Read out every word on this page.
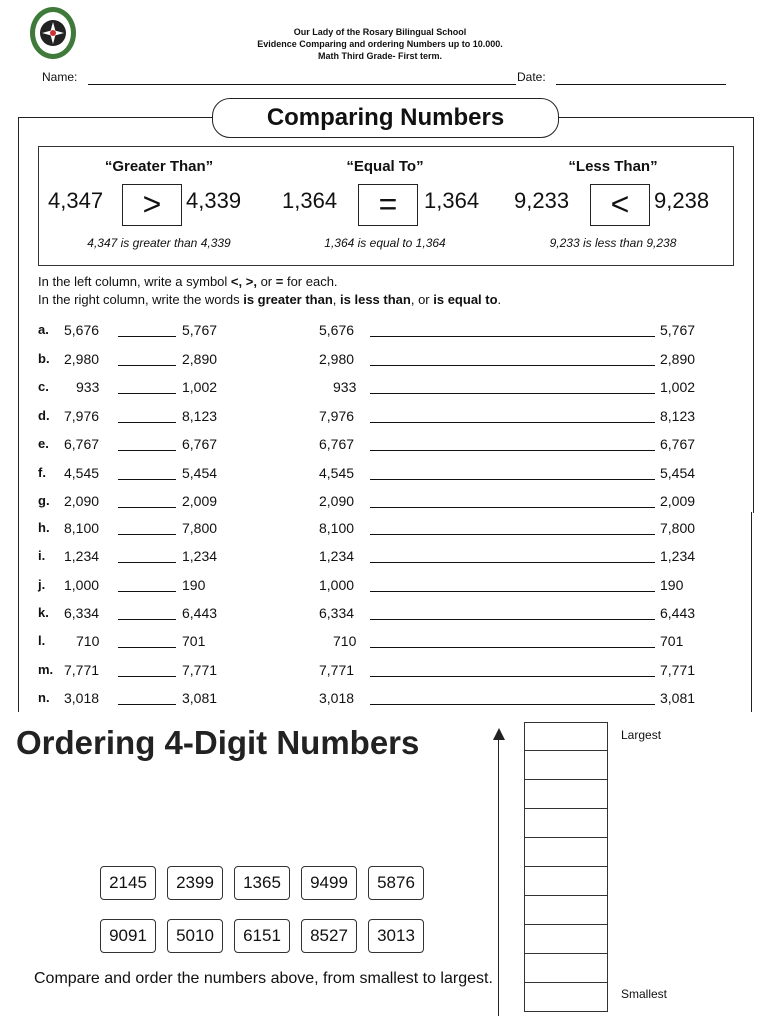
Our Lady of the Rosary Bilingual School
Evidence Comparing and ordering Numbers up to 10.000.
Math Third Grade- First term.
Name:	Date:
Comparing Numbers
“Greater Than”
4,347	>	4,339
4,347 is greater than 4,339
“Equal To”
1,364	=	1,364
1,364 is equal to 1,364
“Less Than”
9,233	<	9,238
9,233 is less than 9,238
In the left column, write a symbol <, >, or = for each.
In the right column, write the words is greater than, is less than, or is equal to.
a. 5,676	5,767	5,676	5,767
b. 2,980	2,890	2,980	2,890
c. 933	1,002	933	1,002
d. 7,976	8,123	7,976	8,123
e. 6,767	6,767	6,767	6,767
f. 4,545	5,454	4,545	5,454
g. 2,090	2,009	2,090	2,009
h. 8,100	7,800	8,100	7,800
i. 1,234	1,234	1,234	1,234
j. 1,000	190	1,000	190
k. 6,334	6,443	6,334	6,443
l. 710	701	710	701
m. 7,771	7,771	7,771	7,771
n. 3,018	3,081	3,018	3,081
Ordering 4-Digit Numbers
2145	2399	1365	9499	5876
9091	5010	6151	8527	3013
Compare and order the numbers above, from smallest to largest.
Largest
Smallest
